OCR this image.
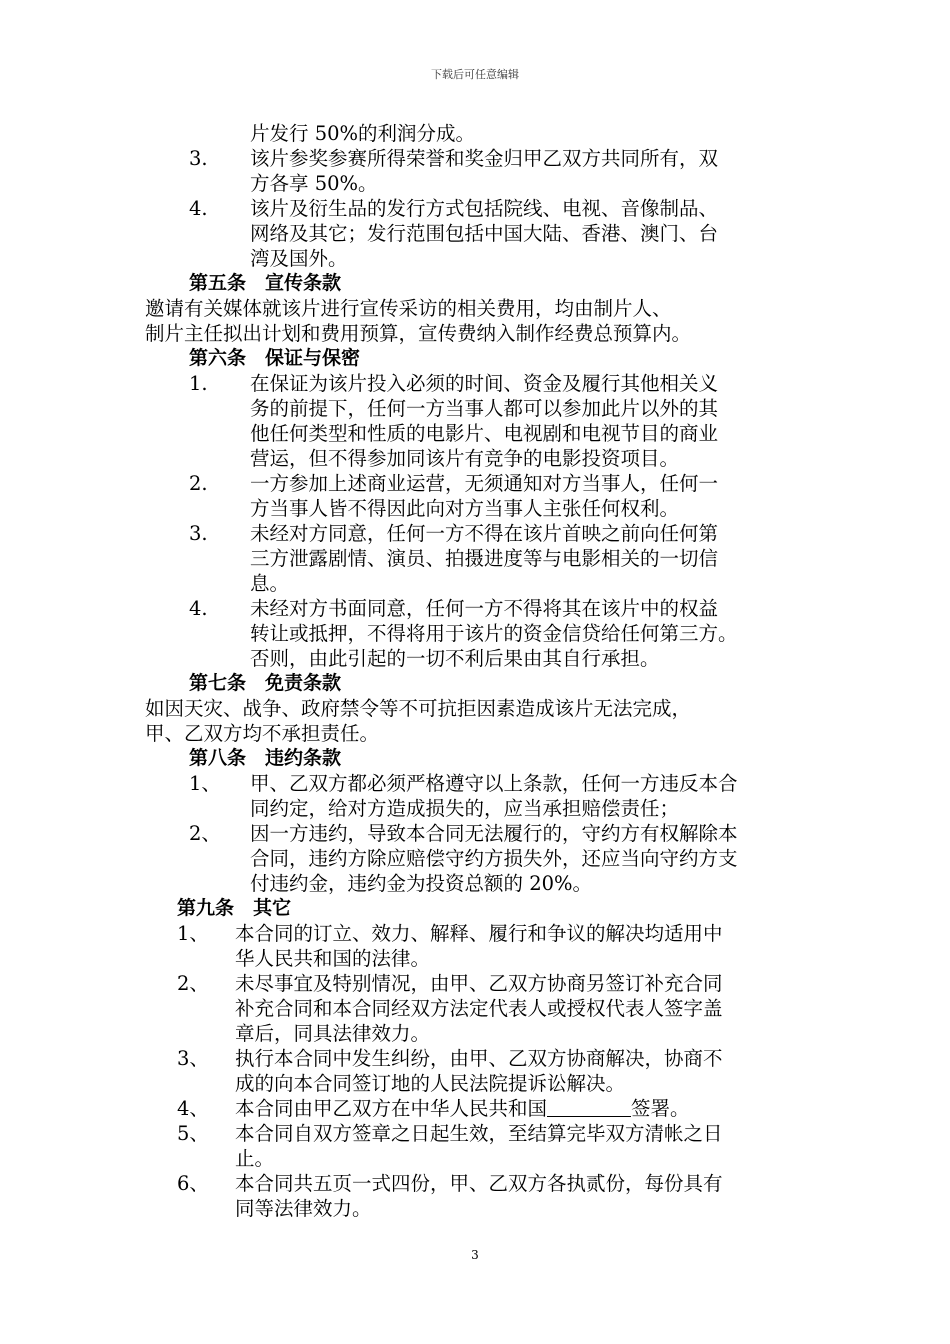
下载后可任意编辑
片发行 50%的利润分成。
3. 该片参奖参赛所得荣誉和奖金归甲乙双方共同所有，双
方各享 50%。
4. 该片及衍生品的发行方式包括院线、电视、音像制品、
网络及其它；发行范围包括中国大陆、香港、澳门、台
湾及国外。
第五条　宣传条款
邀请有关媒体就该片进行宣传采访的相关费用，均由制片人、
制片主任拟出计划和费用预算，宣传费纳入制作经费总预算内。
第六条　保证与保密
1. 在保证为该片投入必须的时间、资金及履行其他相关义
务的前提下，任何一方当事人都可以参加此片以外的其
他任何类型和性质的电影片、电视剧和电视节目的商业
营运，但不得参加同该片有竞争的电影投资项目。
2. 一方参加上述商业运营，无须通知对方当事人，任何一
方当事人皆不得因此向对方当事人主张任何权利。
3. 未经对方同意，任何一方不得在该片首映之前向任何第
三方泄露剧情、演员、拍摄进度等与电影相关的一切信
息。
4. 未经对方书面同意，任何一方不得将其在该片中的权益
转让或抵押，不得将用于该片的资金信贷给任何第三方。
否则，由此引起的一切不利后果由其自行承担。
第七条　免责条款
如因天灾、战争、政府禁令等不可抗拒因素造成该片无法完成，
甲、乙双方均不承担责任。
第八条　违约条款
1、 甲、乙双方都必须严格遵守以上条款，任何一方违反本合
同约定，给对方造成损失的，应当承担赔偿责任；
2、 因一方违约，导致本合同无法履行的，守约方有权解除本
合同，违约方除应赔偿守约方损失外，还应当向守约方支
付违约金，违约金为投资总额的 20%。
第九条　其它
1、 本合同的订立、效力、解释、履行和争议的解决均适用中
华人民共和国的法律。
2、 未尽事宜及特别情况，由甲、乙双方协商另签订补充合同
补充合同和本合同经双方法定代表人或授权代表人签字盖
章后，同具法律效力。
3、 执行本合同中发生纠纷，由甲、乙双方协商解决，协商不
成的向本合同签订地的人民法院提诉讼解决。
4、 本合同由甲乙双方在中华人民共和国	签署。
5、 本合同自双方签章之日起生效，至结算完毕双方清帐之日
止。
6、 本合同共五页一式四份，甲、乙双方各执贰份，每份具有
同等法律效力。
3
